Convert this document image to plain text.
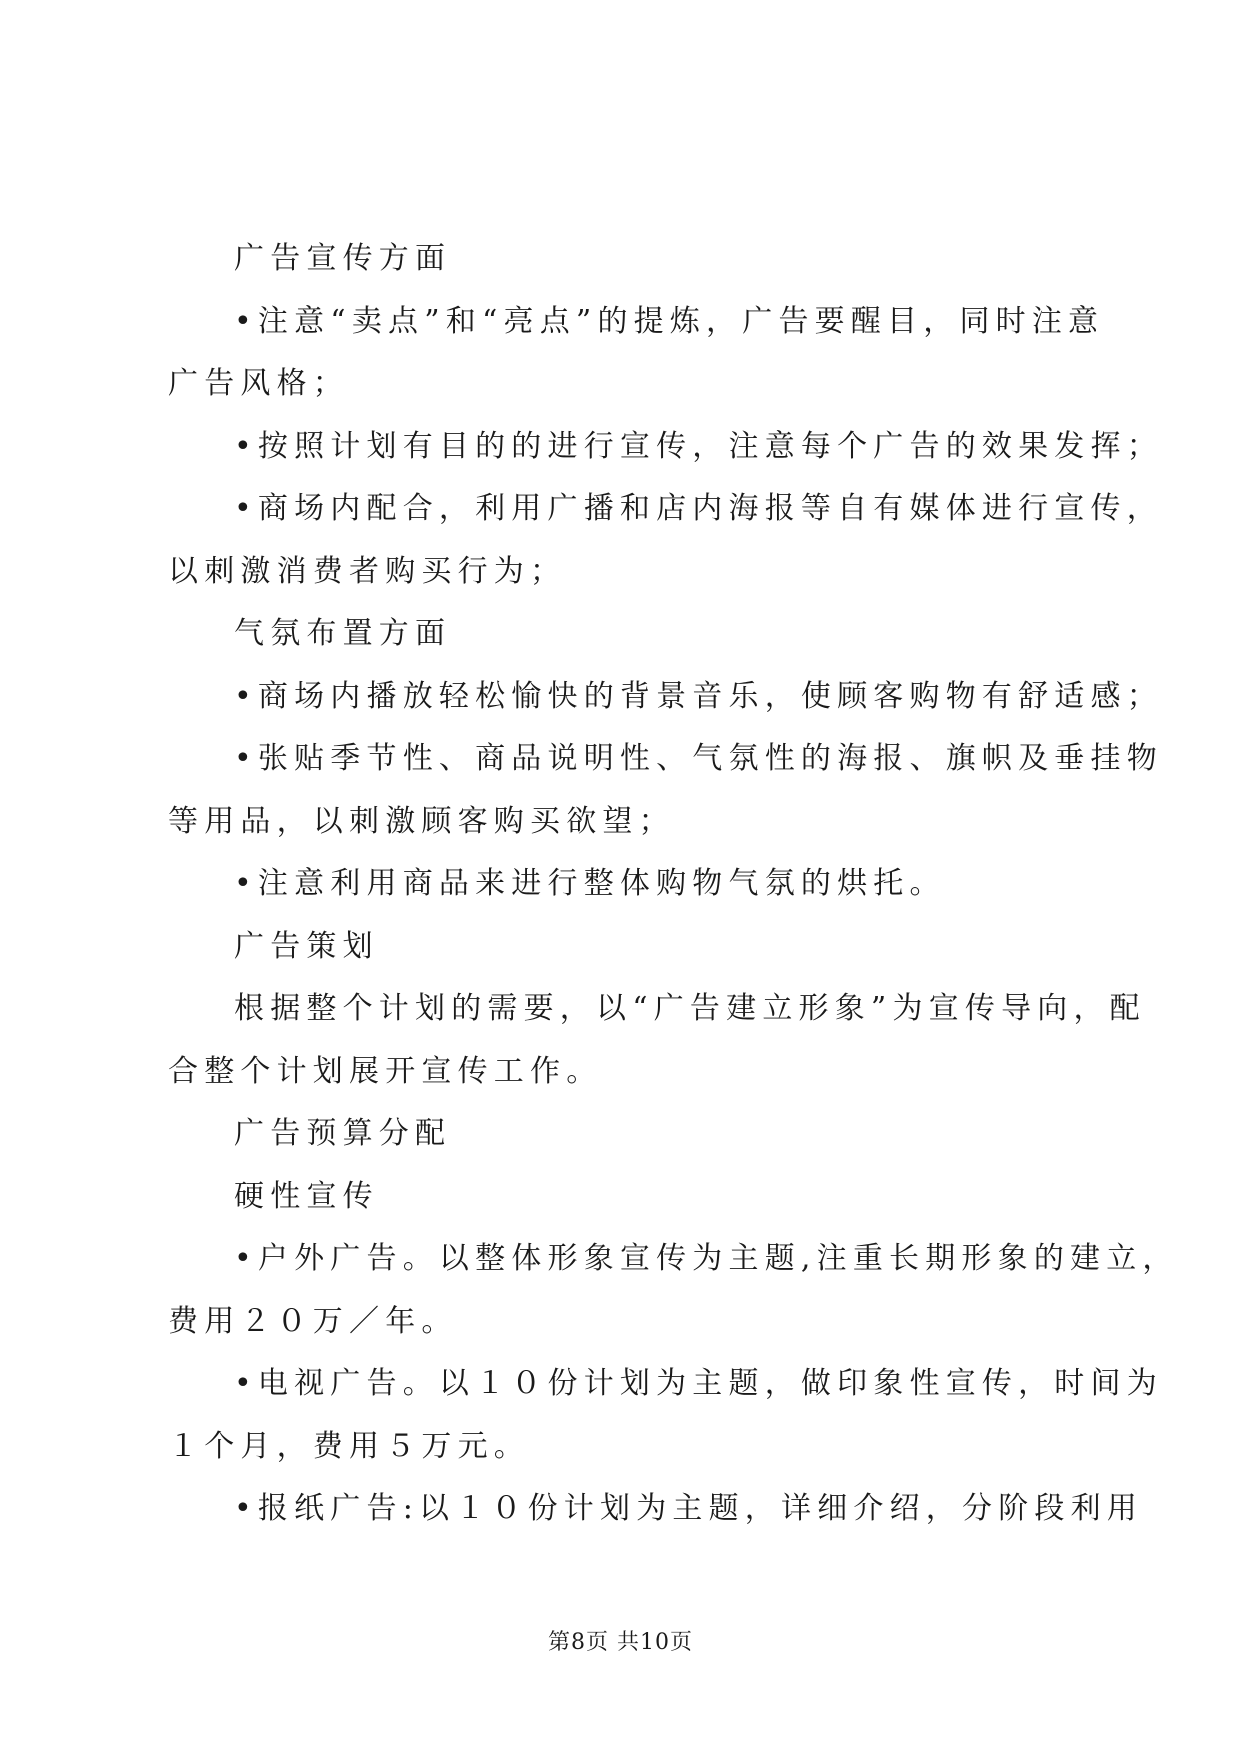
广告宣传方面
•注意“卖点”和“亮点”的提炼，广告要醒目，同时注意
广告风格；
•按照计划有目的的进行宣传，注意每个广告的效果发挥；
•商场内配合，利用广播和店内海报等自有媒体进行宣传，
以刺激消费者购买行为；
气氛布置方面
•商场内播放轻松愉快的背景音乐，使顾客购物有舒适感；
•张贴季节性、商品说明性、气氛性的海报、旗帜及垂挂物
等用品，以刺激顾客购买欲望；
•注意利用商品来进行整体购物气氛的烘托。
广告策划
根据整个计划的需要，以“广告建立形象”为宣传导向，配
合整个计划展开宣传工作。
广告预算分配
硬性宣传
•户外广告。以整体形象宣传为主题,注重长期形象的建立，
费用２０万／年。
•电视广告。以１０份计划为主题，做印象性宣传，时间为
１个月，费用５万元。
•报纸广告:以１０份计划为主题，详细介绍，分阶段利用
第8页 共10页
